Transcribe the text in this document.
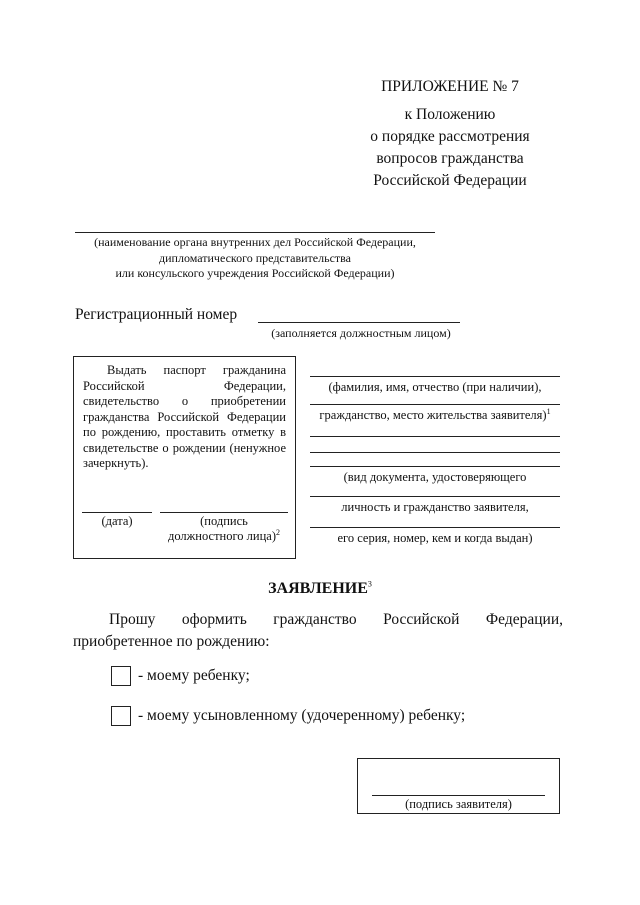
ПРИЛОЖЕНИЕ № 7
к Положению
о порядке рассмотрения
вопросов гражданства
Российской Федерации
(наименование органа внутренних дел Российской Федерации,
дипломатического представительства
или консульского учреждения Российской Федерации)
Регистрационный номер
(заполняется должностным лицом)
Выдать паспорт гражданина Российской Федерации, свидетельство о приобретении гражданства Российской Федерации по рождению, проставить отметку в свидетельстве о рождении (ненужное зачеркнуть).
(дата)	(подпись должностного лица)$^2$
(фамилия, имя, отчество (при наличии),
гражданство, место жительства заявителя)$^1$
(вид документа, удостоверяющего
личность и гражданство заявителя,
его серия, номер, кем и когда выдан)
ЗАЯВЛЕНИЕ$^3$
Прошу оформить гражданство Российской Федерации, приобретенное по рождению:
- моему ребенку;
- моему усыновленному (удочеренному) ребенку;
(подпись заявителя)
